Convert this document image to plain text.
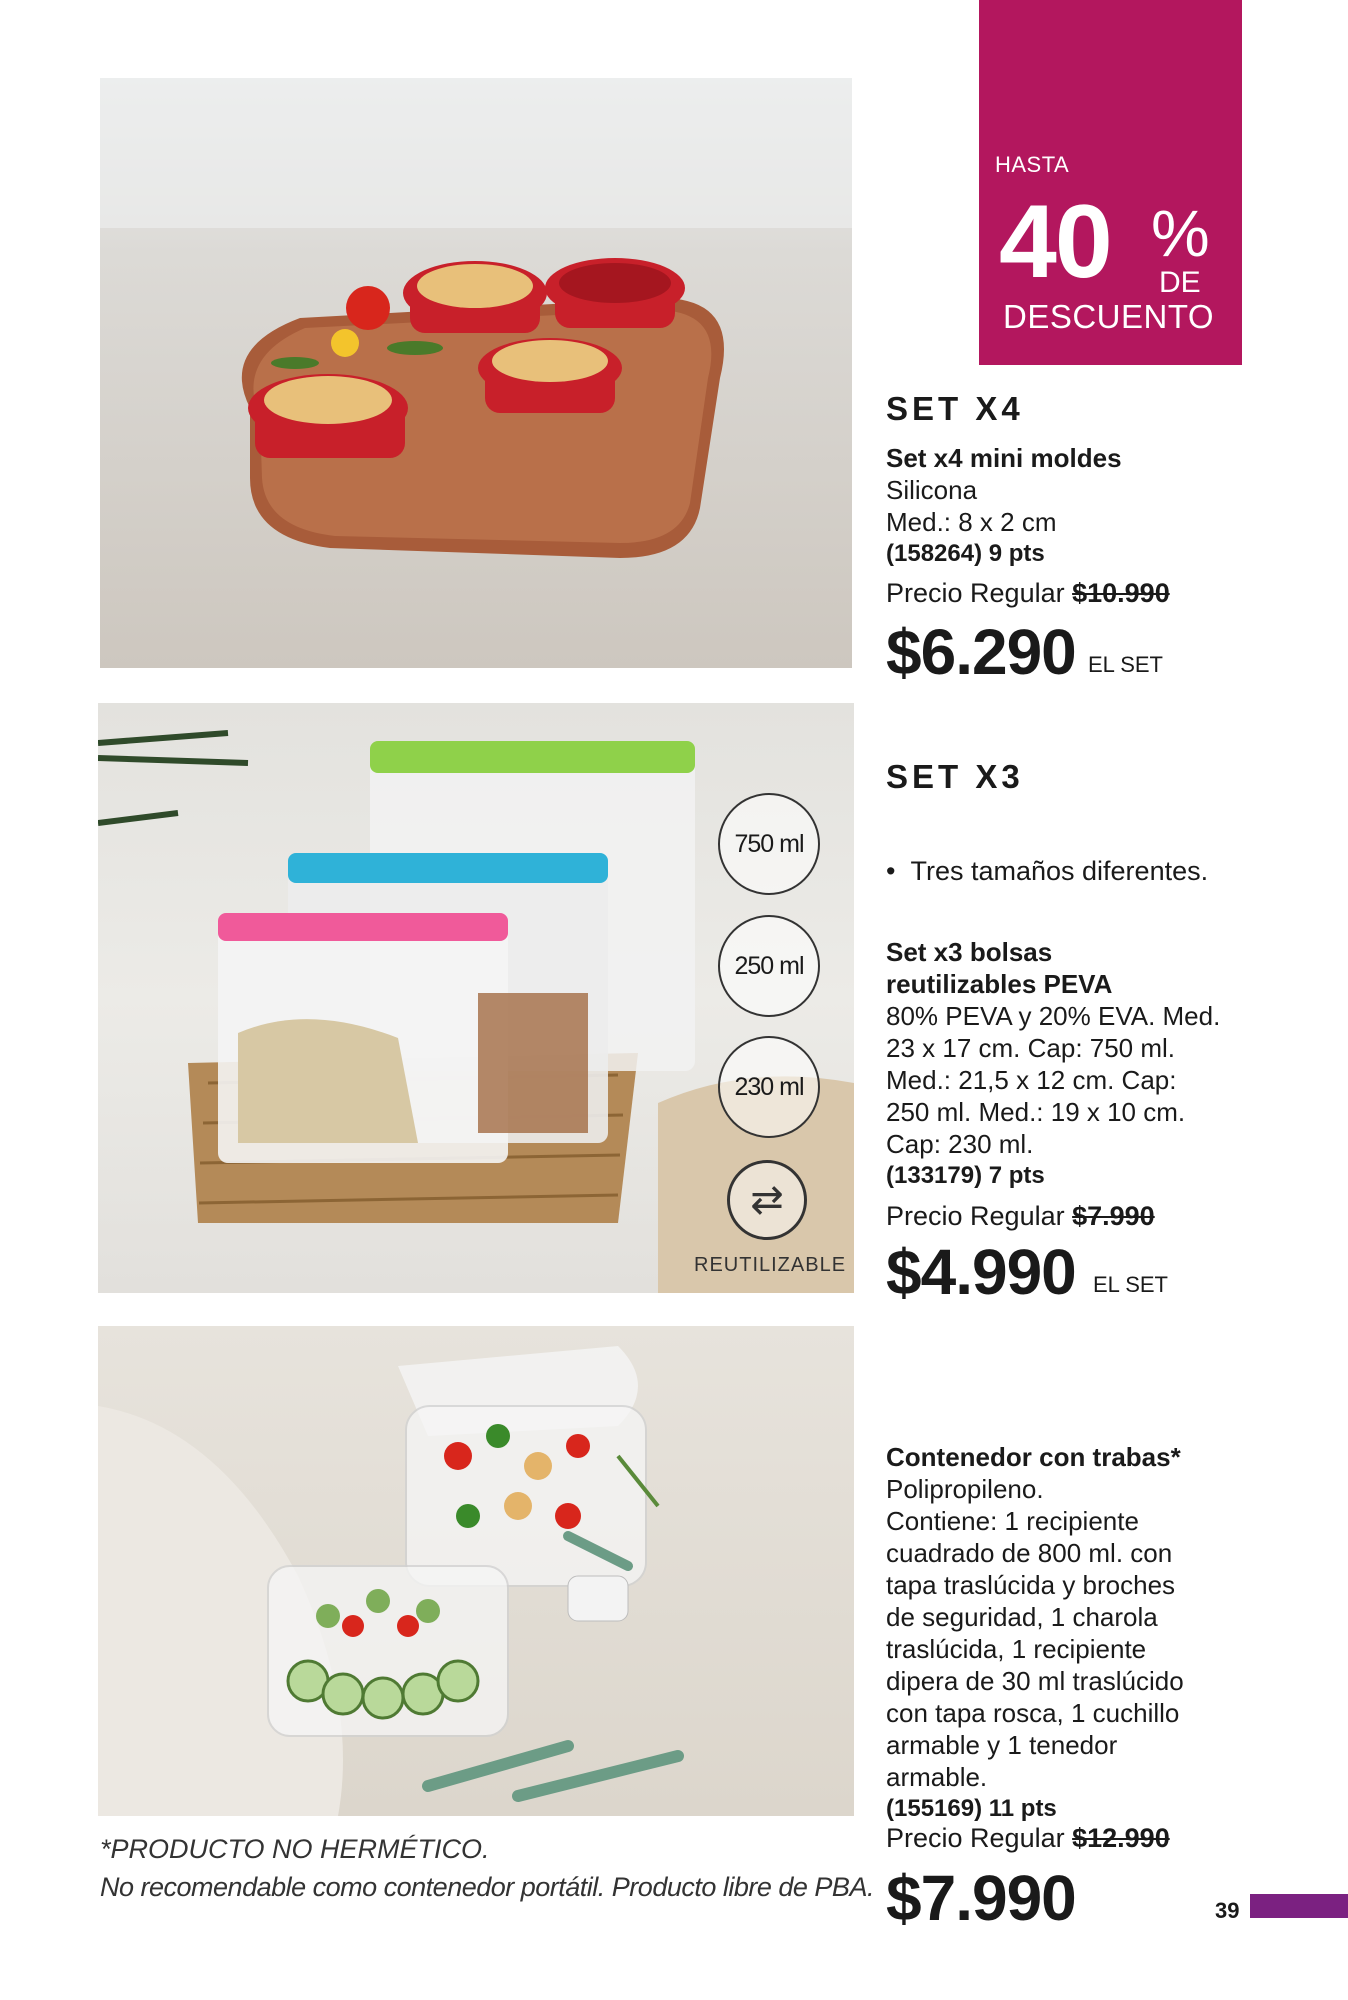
HASTA
40 %
DE
DESCUENTO
SET X4
Set x4 mini moldes
Silicona
Med.: 8 x 2 cm
(158264) 9 pts
Precio Regular $10.990
$6.290 EL SET
750 ml
250 ml
230 ml
⇄
REUTILIZABLE
SET X3
•  Tres tamaños diferentes.
Set x3 bolsas
reutilizables PEVA
80% PEVA y 20% EVA. Med.
23 x 17 cm. Cap: 750 ml.
Med.: 21,5 x 12 cm. Cap:
250 ml. Med.: 19 x 10 cm.
Cap: 230 ml.
(133179) 7 pts
Precio Regular $7.990
$4.990 EL SET
Contenedor con trabas*
Polipropileno.
Contiene: 1 recipiente
cuadrado de 800 ml. con
tapa traslúcida y broches
de seguridad, 1 charola
traslúcida, 1 recipiente
dipera de 30 ml traslúcido
con tapa rosca, 1 cuchillo
armable y 1 tenedor
armable.
(155169) 11 pts
Precio Regular $12.990
$7.990
*PRODUCTO NO HERMÉTICO.
No recomendable como contenedor portátil. Producto libre de PBA.
39
